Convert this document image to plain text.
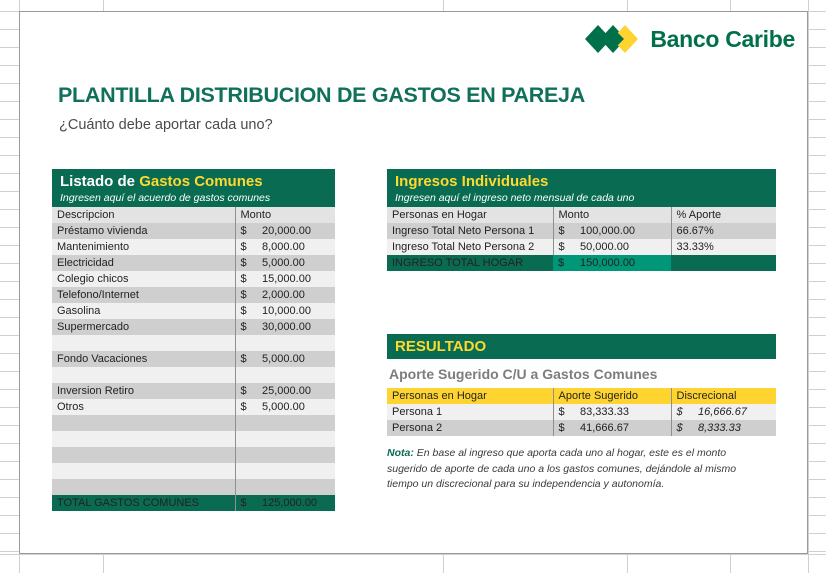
Banco Caribe
PLANTILLA DISTRIBUCION DE GASTOS EN PAREJA
¿Cuánto debe aportar cada uno?
Listado de Gastos Comunes
Ingresen aquí el acuerdo de gastos comunes
Descripcion	Monto	
Préstamo vivienda	$	20,000.00
Mantenimiento	$	8,000.00
Electricidad	$	5,000.00
Colegio chicos	$	15,000.00
Telefono/Internet	$	2,000.00
Gasolina	$	10,000.00
Supermercado	$	30,000.00

Fondo Vacaciones	$	5,000.00

Inversion Retiro	$	25,000.00
Otros	$	5,000.00

TOTAL GASTOS COMUNES	$	125,000.00
Ingresos Individuales
Ingresen aquí el ingreso neto mensual de cada uno
Personas en Hogar	Monto		% Aporte
Ingreso Total Neto Persona 1	$	100,000.00	66.67%
Ingreso Total Neto Persona 2	$	50,000.00	33.33%
INGRESO TOTAL HOGAR	$	150,000.00	
RESULTADO
Aporte Sugerido C/U a Gastos Comunes
Personas en Hogar	Aporte Sugerido		Discrecional	
Persona 1	$	83,333.33	$	16,666.67
Persona 2	$	41,666.67	$	8,333.33
Nota: En base al ingreso que aporta cada uno al hogar, este es el monto sugerido de aporte de cada uno a los gastos comunes, dejándole al mismo tiempo un discrecional para su independencia y autonomía.
